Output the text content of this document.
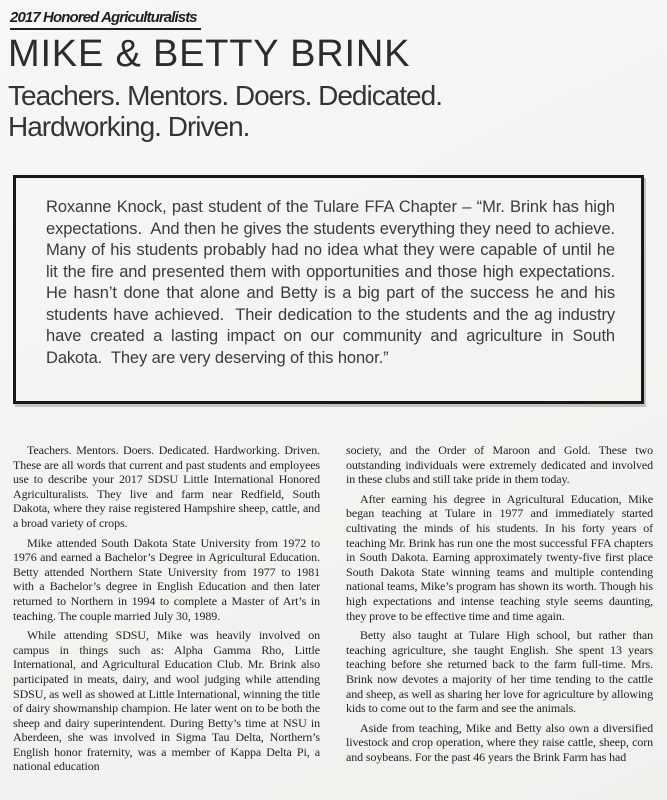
2017 Honored Agriculturalists
MIKE & BETTY BRINK
Teachers. Mentors. Doers. Dedicated.
Hardworking. Driven.

Roxanne Knock, past student of the Tulare FFA Chapter – “Mr. Brink has high expectations.  And then he gives the students everything they need to achieve.  Many of his students probably had no idea what they were capable of until he lit the fire and presented them with opportunities and those high expectations.  He hasn’t done that alone and Betty is a big part of the success he and his students have achieved.  Their dedication to the students and the ag industry have created a lasting impact on our community and agriculture in South Dakota.  They are very deserving of this honor.”

Teachers. Mentors. Doers. Dedicated. Hardworking. Driven. These are all words that current and past students and employees use to describe your 2017 SDSU Little International Honored Agriculturalists. They live and farm near Redfield, South Dakota, where they raise registered Hampshire sheep, cattle, and a broad variety of crops.

Mike attended South Dakota State University from 1972 to 1976 and earned a Bachelor’s Degree in Agricultural Education. Betty attended Northern State University from 1977 to 1981 with a Bachelor’s degree in English Education and then later returned to Northern in 1994 to complete a Master of Art’s in teaching. The couple married July 30, 1989.

While attending SDSU, Mike was heavily involved on campus in things such as: Alpha Gamma Rho, Little International, and Agricultural Education Club. Mr. Brink also participated in meats, dairy, and wool judging while attending SDSU, as well as showed at Little International, winning the title of dairy showmanship champion. He later went on to be both the sheep and dairy superintendent. During Betty’s time at NSU in Aberdeen, she was involved in Sigma Tau Delta, Northern’s English honor fraternity, was a member of Kappa Delta Pi, a national education

society, and the Order of Maroon and Gold. These two outstanding individuals were extremely dedicated and involved in these clubs and still take pride in them today.

After earning his degree in Agricultural Education, Mike began teaching at Tulare in 1977 and immediately started cultivating the minds of his students. In his forty years of teaching Mr. Brink has run one the most successful FFA chapters in South Dakota. Earning approximately twenty-five first place South Dakota State winning teams and multiple contending national teams, Mike’s program has shown its worth. Though his high expectations and intense teaching style seems daunting, they prove to be effective time and time again.

Betty also taught at Tulare High school, but rather than teaching agriculture, she taught English. She spent 13 years teaching before she returned back to the farm full-time. Mrs. Brink now devotes a majority of her time tending to the cattle and sheep, as well as sharing her love for agriculture by allowing kids to come out to the farm and see the animals.

Aside from teaching, Mike and Betty also own a diversified livestock and crop operation, where they raise cattle, sheep, corn and soybeans. For the past 46 years the Brink Farm has had
